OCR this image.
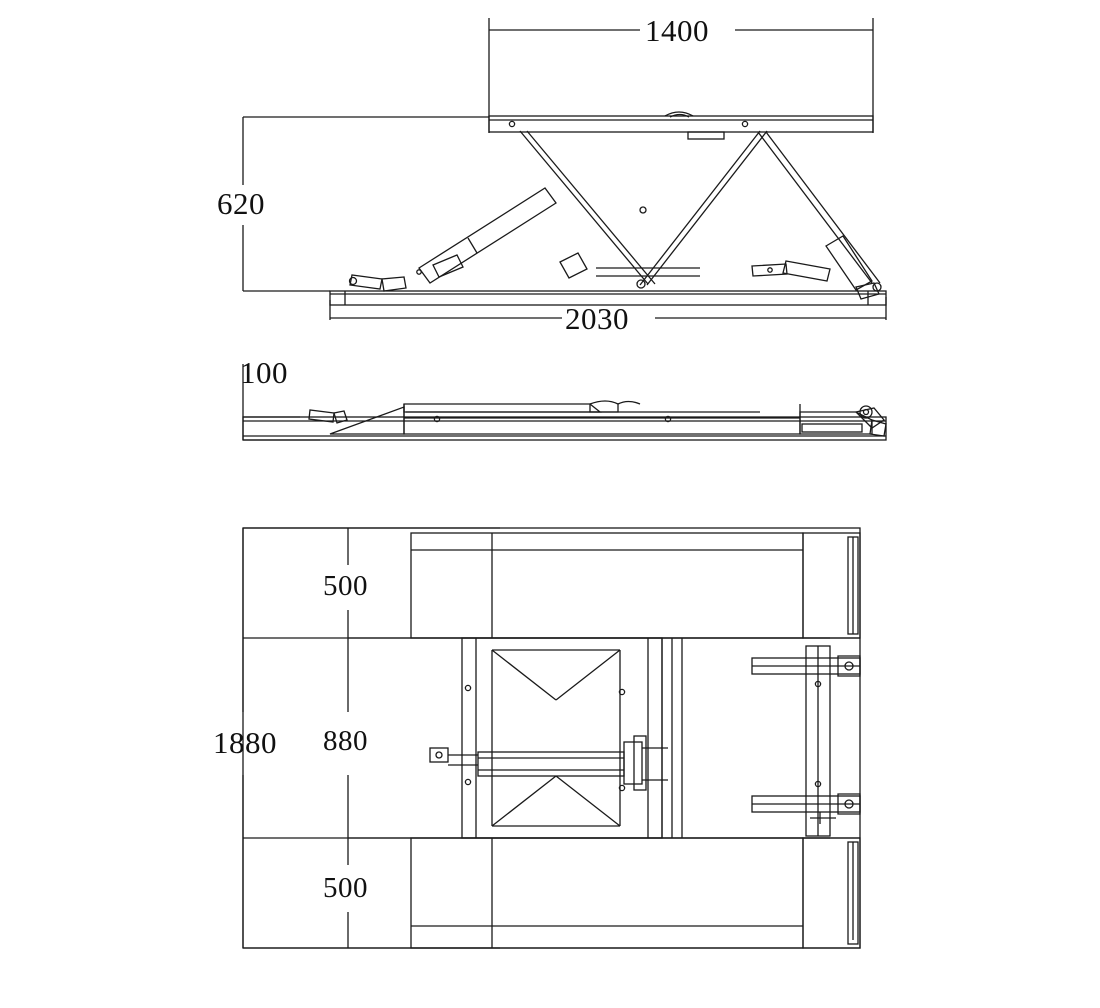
1400
620
2030
100
1880
500
880
500
